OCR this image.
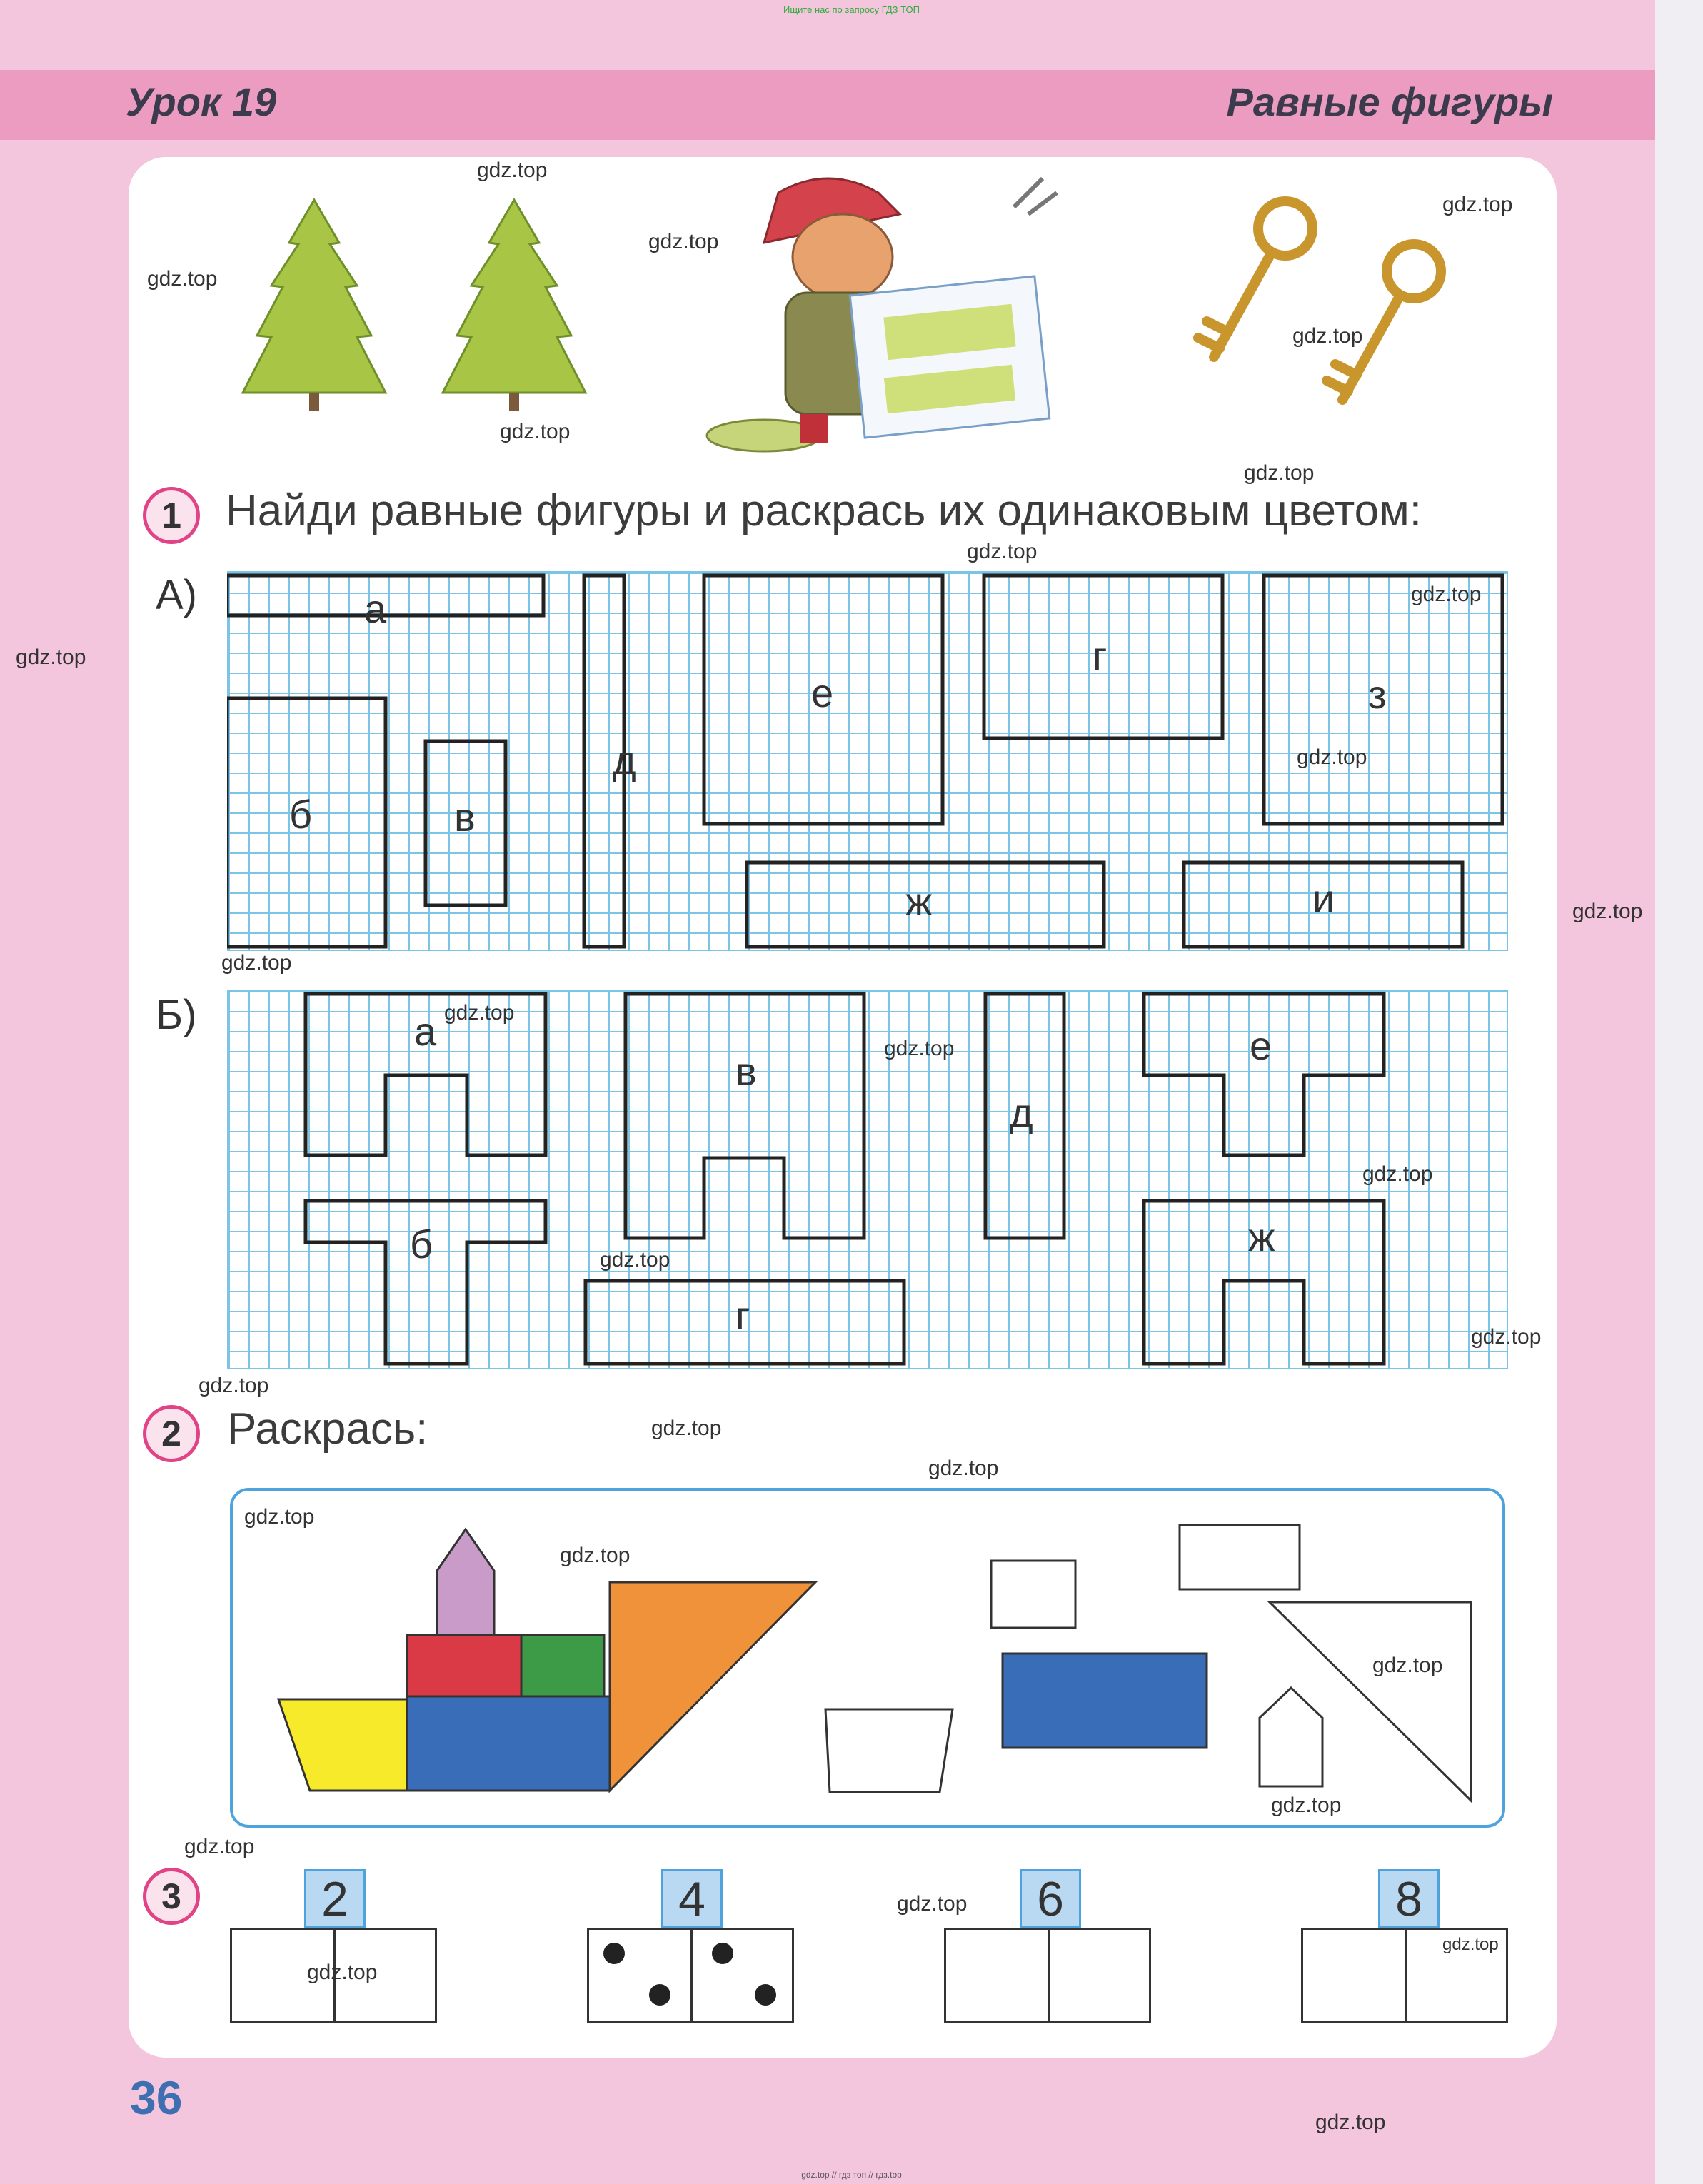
Ищите нас по запросу ГДЗ ТОП
Урок 19	Равные фигуры
1	Найди равные фигуры и раскрась их одинаковым цветом:
А)	а
б	в
д
е
ж
г
з
и
Б)	а
б
в
г
д
е
ж
2	Раскрась:
3	2	4	6	8
36
gdz.top
gdz.top
gdz.top
gdz.top
gdz.top
gdz.top
gdz.top
gdz.top
gdz.top
gdz.top
gdz.top
gdz.top
gdz.top
gdz.top
gdz.top
gdz.top
gdz.top
gdz.top
gdz.top
gdz.top
gdz.top
gdz.top
gdz.top
gdz.top
gdz.top
gdz.top
gdz.top
gdz.top
gdz.top
gdz.top
gdz.top // гдз топ // гдз.top
